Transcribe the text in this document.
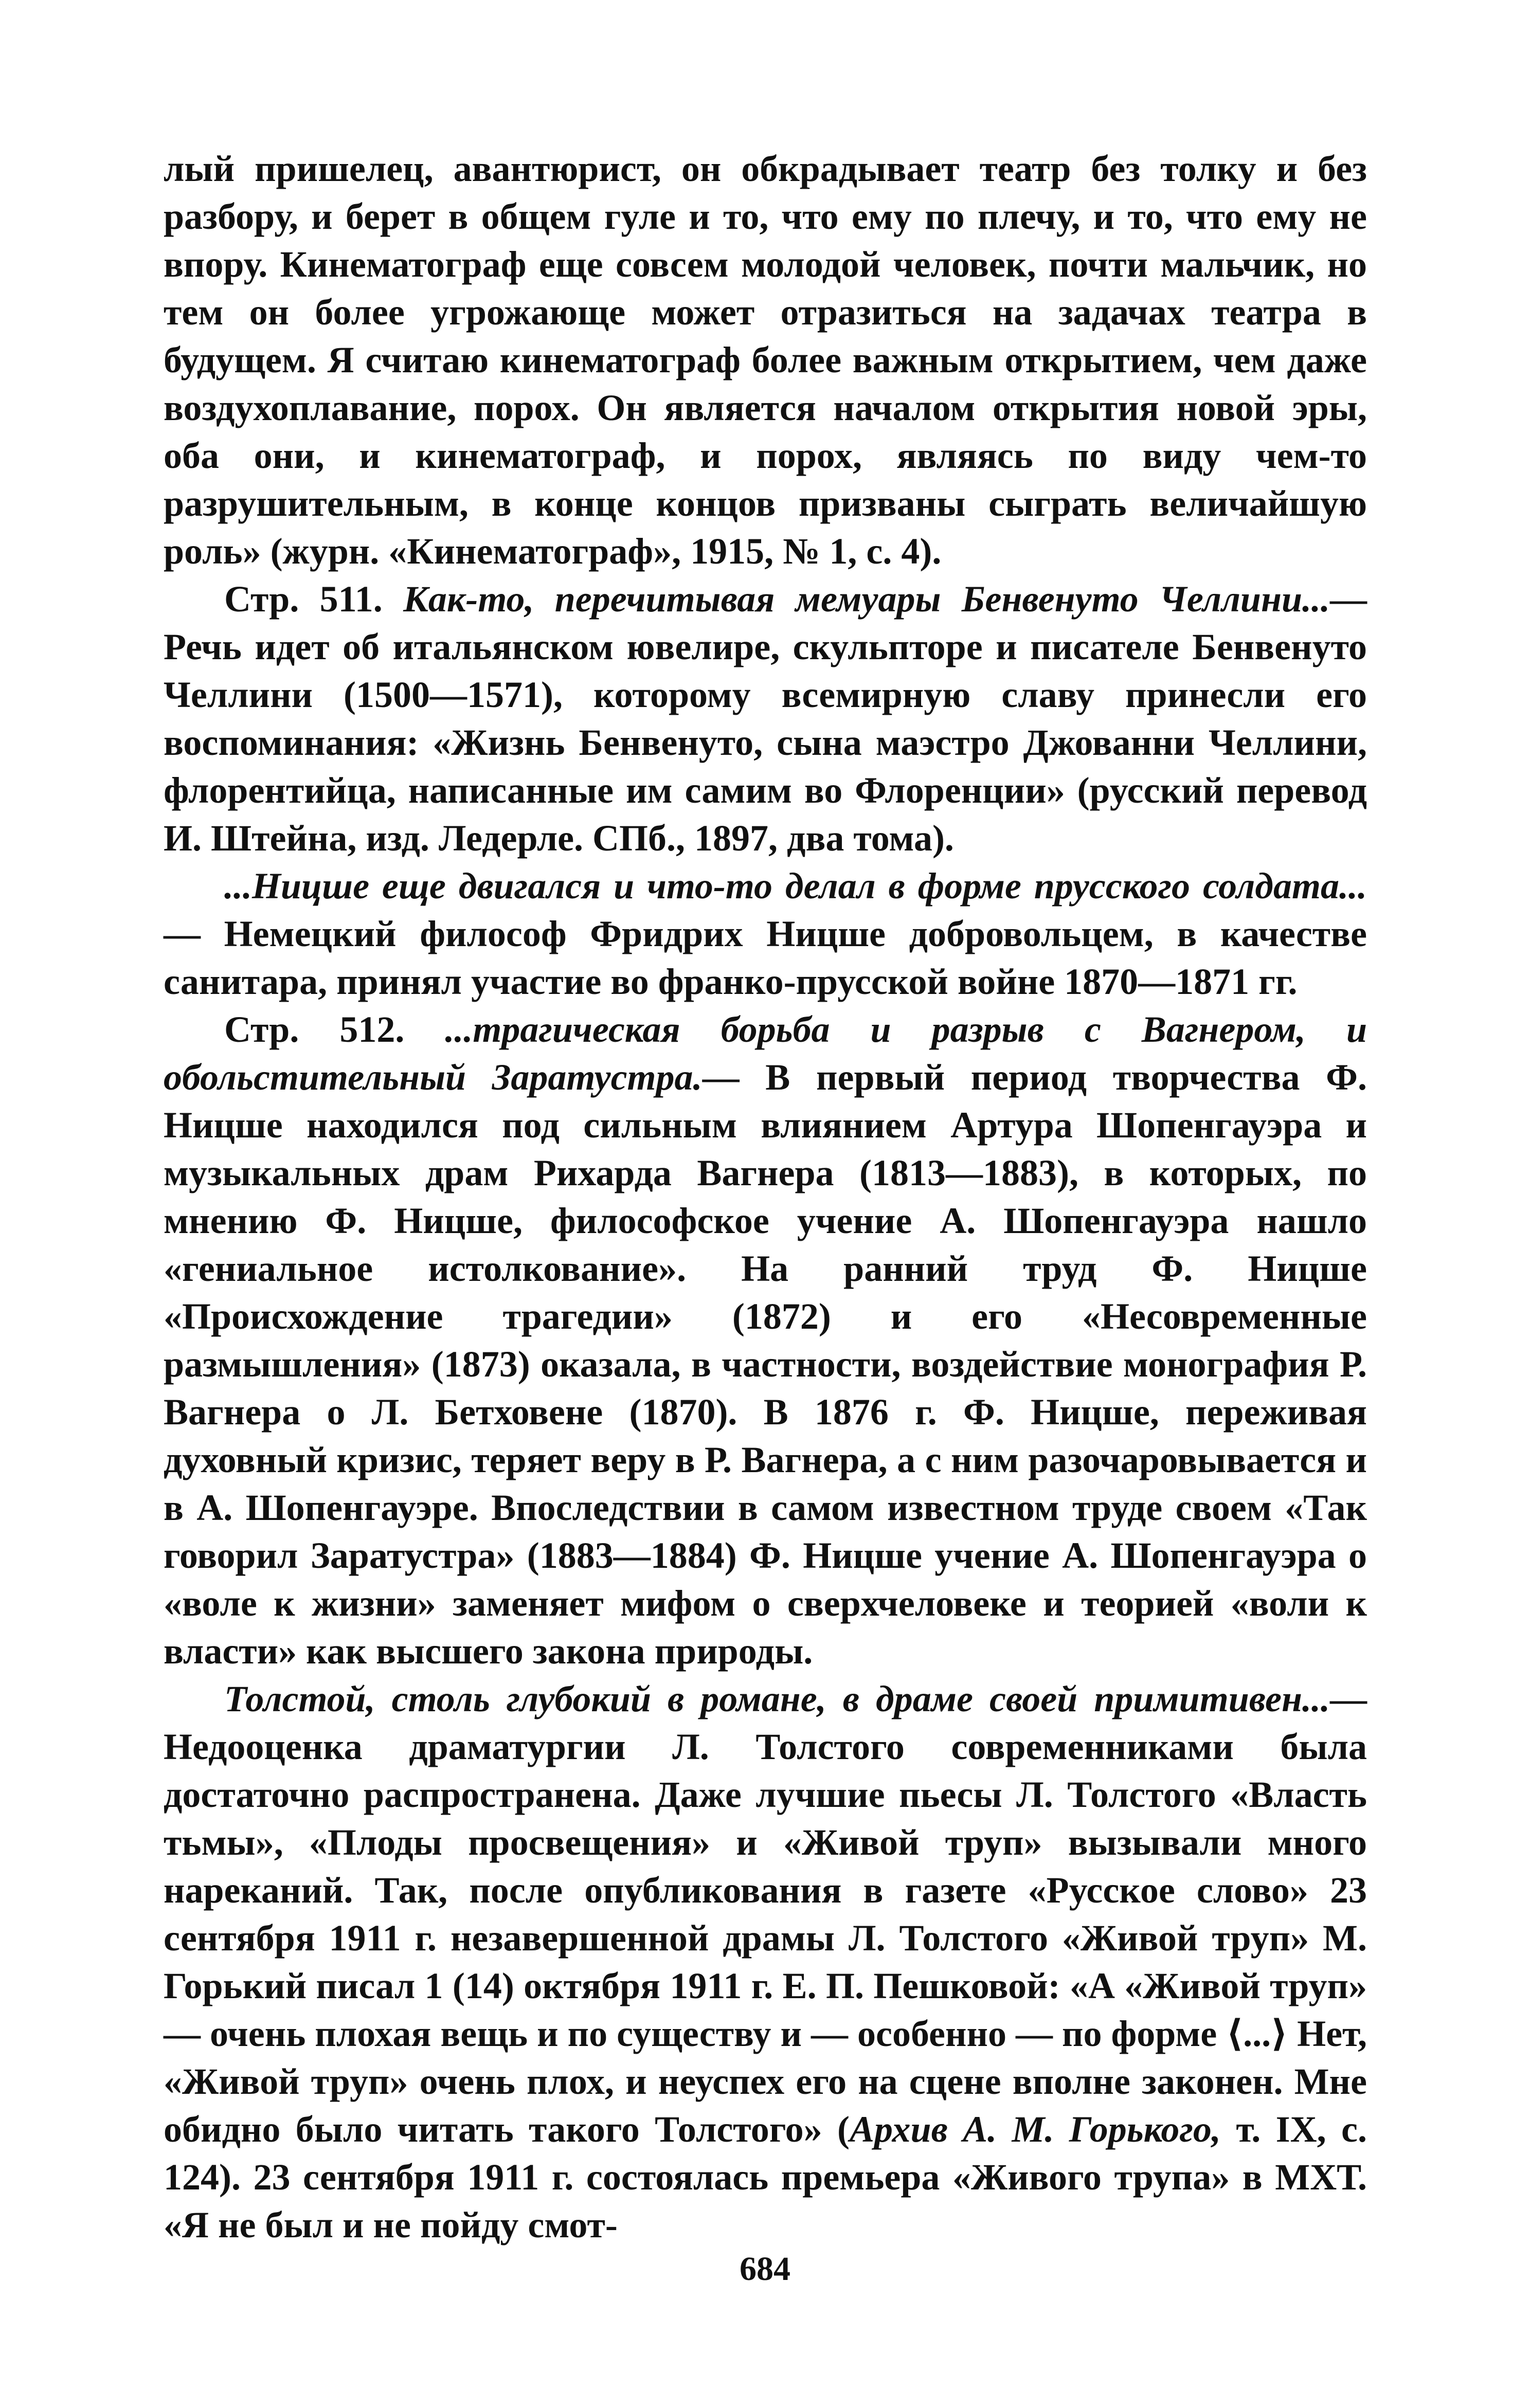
лый пришелец, авантюрист, он обкрадывает театр без толку и без разбору, и берет в общем гуле и то, что ему по плечу, и то, что ему не впору. Кинематограф еще совсем молодой человек, почти мальчик, но тем он более угрожающе может отразиться на задачах театра в будущем. Я считаю кинематограф более важным открытием, чем даже воздухоплавание, порох. Он является началом открытия новой эры, оба они, и кинематограф, и порох, являясь по виду чем-то разрушительным, в конце концов призваны сыграть величайшую роль» (журн. «Кинематограф», 1915, № 1, с. 4).

Стр. 511. Как-то, перечитывая мемуары Бенвенуто Челлини...— Речь идет об итальянском ювелире, скульпторе и писателе Бенвенуто Челлини (1500—1571), которому всемирную славу принесли его воспоминания: «Жизнь Бенвенуто, сына маэстро Джованни Челлини, флорентийца, написанные им самим во Флоренции» (русский перевод И. Штейна, изд. Ледерле. СПб., 1897, два тома).

...Ницше еще двигался и что-то делал в форме прусского солдата...— Немецкий философ Фридрих Ницше добровольцем, в качестве санитара, принял участие во франко-прусской войне 1870—1871 гг.

Стр. 512. ...трагическая борьба и разрыв с Вагнером, и обольстительный Заратустра.— В первый период творчества Ф. Ницше находился под сильным влиянием Артура Шопенгауэра и музыкальных драм Рихарда Вагнера (1813—1883), в которых, по мнению Ф. Ницше, философское учение А. Шопенгауэра нашло «гениальное истолкование». На ранний труд Ф. Ницше «Происхождение трагедии» (1872) и его «Несовременные размышления» (1873) оказала, в частности, воздействие монография Р. Вагнера о Л. Бетховене (1870). В 1876 г. Ф. Ницше, переживая духовный кризис, теряет веру в Р. Вагнера, а с ним разочаровывается и в А. Шопенгауэре. Впоследствии в самом известном труде своем «Так говорил Заратустра» (1883—1884) Ф. Ницше учение А. Шопенгауэра о «воле к жизни» заменяет мифом о сверхчеловеке и теорией «воли к власти» как высшего закона природы.

Толстой, столь глубокий в романе, в драме своей примитивен...— Недооценка драматургии Л. Толстого современниками была достаточно распространена. Даже лучшие пьесы Л. Толстого «Власть тьмы», «Плоды просвещения» и «Живой труп» вызывали много нареканий. Так, после опубликования в газете «Русское слово» 23 сентября 1911 г. незавершенной драмы Л. Толстого «Живой труп» М. Горький писал 1 (14) октября 1911 г. Е. П. Пешковой: «А «Живой труп» — очень плохая вещь и по существу и — особенно — по форме ⟨...⟩ Нет, «Живой труп» очень плох, и неуспех его на сцене вполне законен. Мне обидно было читать такого Толстого» (Архив А. М. Горького, т. IX, с. 124). 23 сентября 1911 г. состоялась премьера «Живого трупа» в МХТ. «Я не был и не пойду смот-

684
